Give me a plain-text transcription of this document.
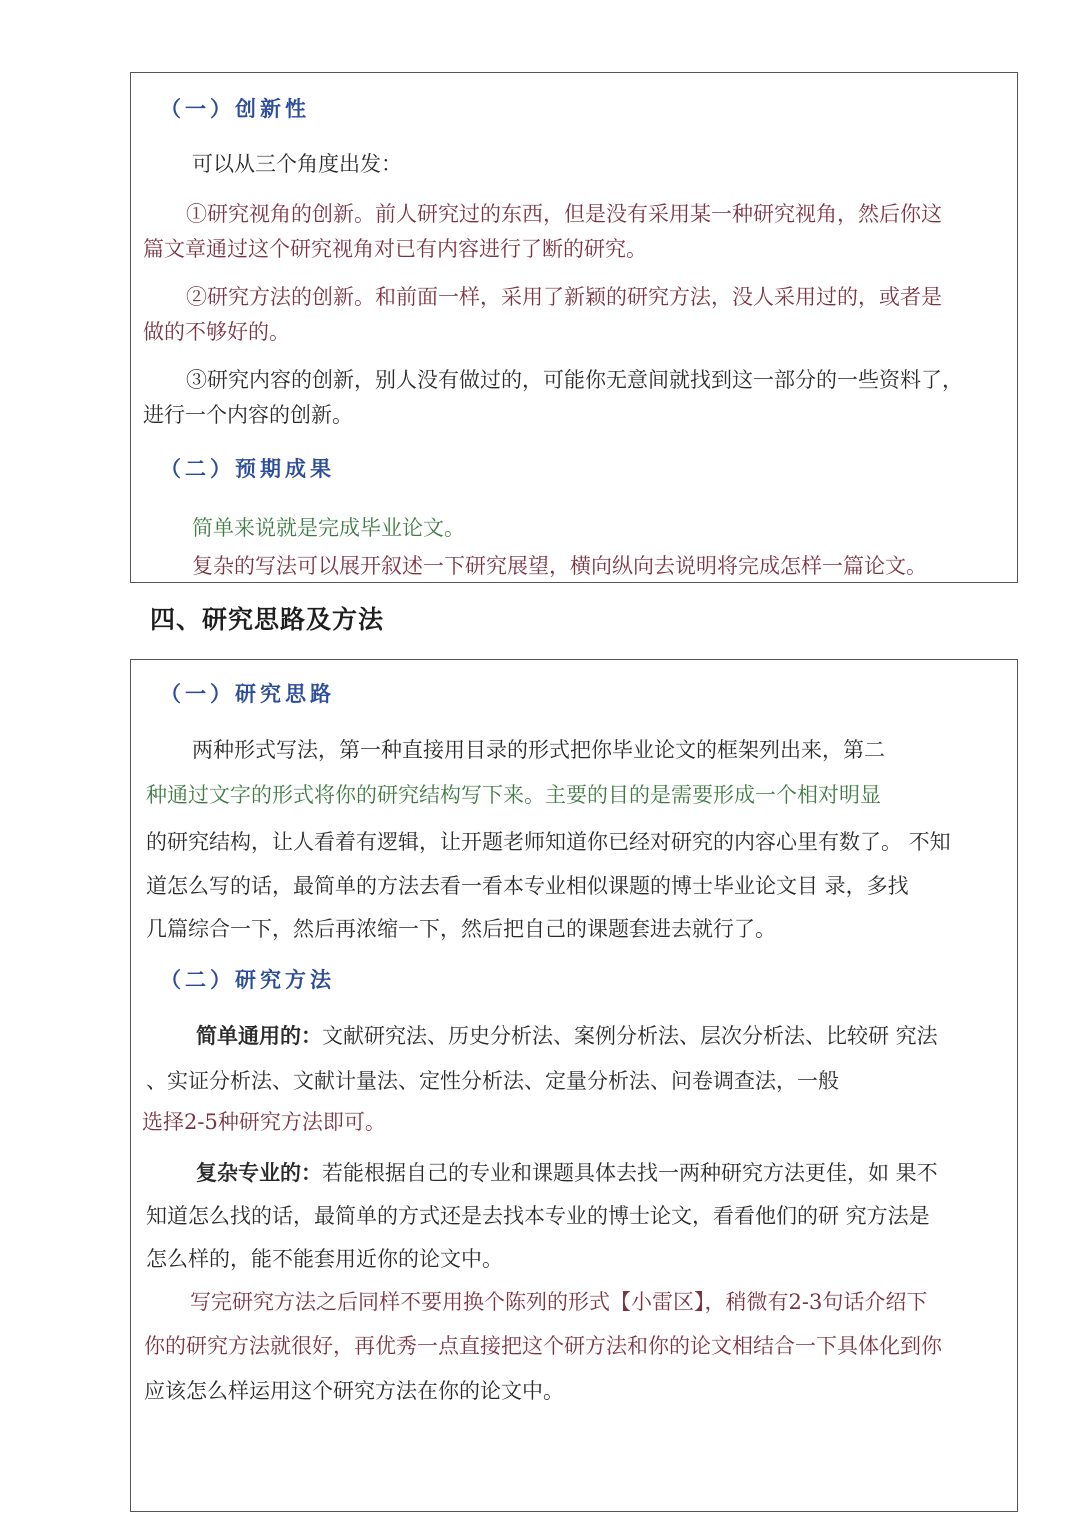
（一）创新性
可以从三个角度出发：
①研究视角的创新。前人研究过的东西，但是没有采用某一种研究视角，然后你这
篇文章通过这个研究视角对已有内容进行了断的研究。
②研究方法的创新。和前面一样，采用了新颖的研究方法，没人采用过的，或者是
做的不够好的。
③研究内容的创新，别人没有做过的，可能你无意间就找到这一部分的一些资料了，
进行一个内容的创新。
（二）预期成果
简单来说就是完成毕业论文。
复杂的写法可以展开叙述一下研究展望，横向纵向去说明将完成怎样一篇论文。
四、研究思路及方法
（一）研究思路
两种形式写法，第一种直接用目录的形式把你毕业论文的框架列出来，第二
种通过文字的形式将你的研究结构写下来。主要的目的是需要形成一个相对明显
的研究结构，让人看着有逻辑，让开题老师知道你已经对研究的内容心里有数了。 不知
道怎么写的话，最简单的方法去看一看本专业相似课题的博士毕业论文目 录，多找
几篇综合一下，然后再浓缩一下，然后把自己的课题套进去就行了。
（二）研究方法
简单通用的：文献研究法、历史分析法、案例分析法、层次分析法、比较研 究法
、实证分析法、文献计量法、定性分析法、定量分析法、问卷调查法，一般
选择2-5种研究方法即可。
复杂专业的：若能根据自己的专业和课题具体去找一两种研究方法更佳，如 果不
知道怎么找的话，最简单的方式还是去找本专业的博士论文，看看他们的研 究方法是
怎么样的，能不能套用近你的论文中。
写完研究方法之后同样不要用换个陈列的形式【小雷区】，稍微有2-3句话介绍下
你的研究方法就很好，再优秀一点直接把这个研方法和你的论文相结合一下具体化到你
应该怎么样运用这个研究方法在你的论文中。
